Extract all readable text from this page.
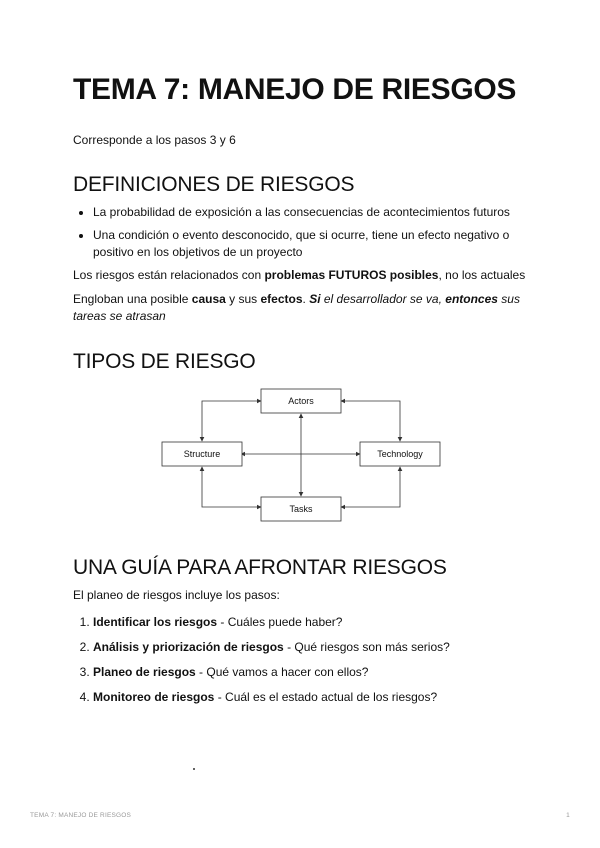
TEMA 7: MANEJO DE RIESGOS

Corresponde a los pasos 3 y 6

DEFINICIONES DE RIESGOS
• La probabilidad de exposición a las consecuencias de acontecimientos futuros
• Una condición o evento desconocido, que si ocurre, tiene un efecto negativo o positivo en los objetivos de un proyecto

Los riesgos están relacionados con problemas FUTUROS posibles, no los actuales

Engloban una posible causa y sus efectos. Si el desarrollador se va, entonces sus tareas se atrasan

TIPOS DE RIESGO
Actors
Structure	Technology
Tasks
UNA GUÍA PARA AFRONTAR RIESGOS

El planeo de riesgos incluye los pasos:

1. Identificar los riesgos - Cuáles puede haber?
2. Análisis y priorización de riesgos - Qué riesgos son más serios?
3. Planeo de riesgos - Qué vamos a hacer con ellos?
4. Monitoreo de riesgos - Cuál es el estado actual de los riesgos?
TEMA 7: MANEJO DE RIESGOS	1
